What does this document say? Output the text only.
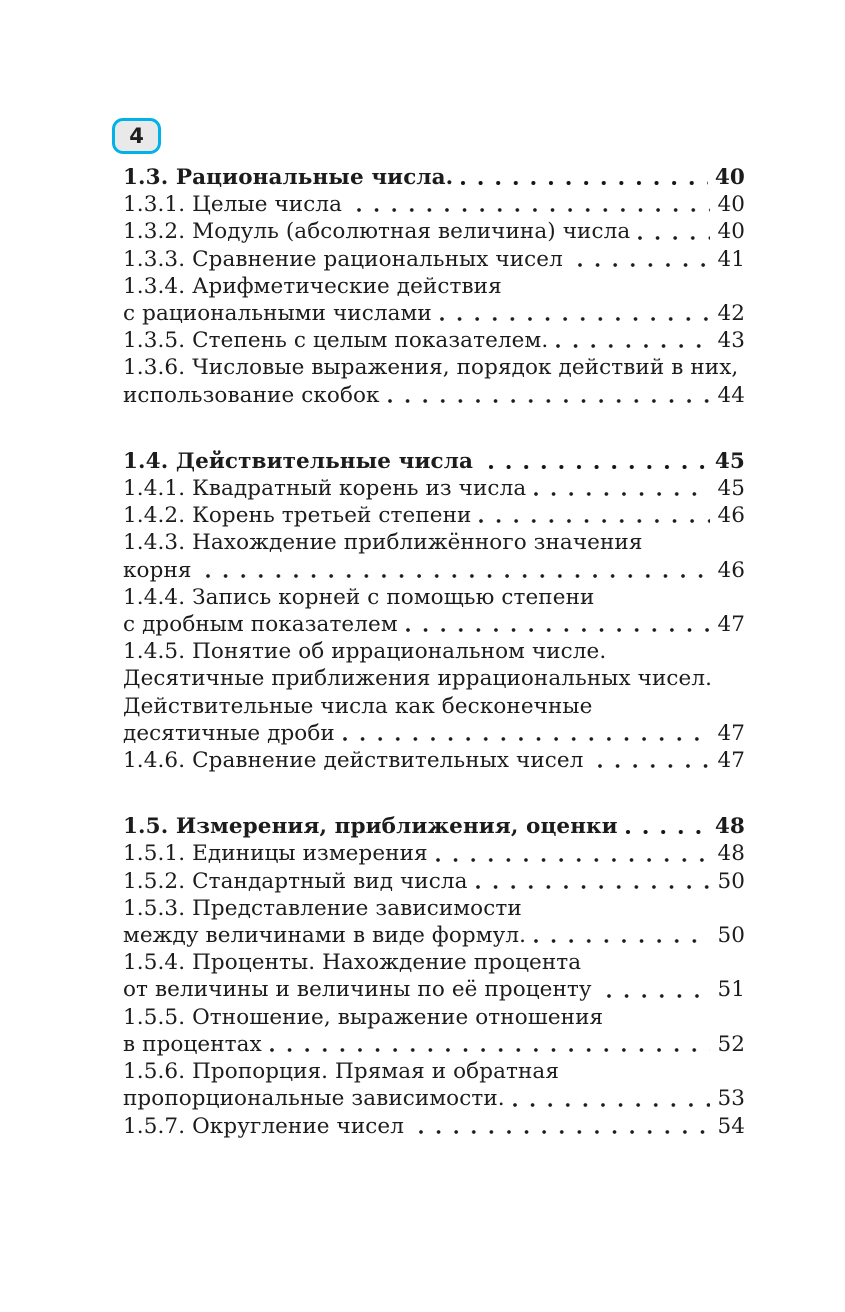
4
1.3. Рациональные числа.	40
1.3.1. Целые числа	40
1.3.2. Модуль (абсолютная величина) числа	40
1.3.3. Сравнение рациональных чисел	41
1.3.4. Арифметические действия
с рациональными числами	42
1.3.5. Степень с целым показателем.	43
1.3.6. Числовые выражения, порядок действий в них,
использование скобок	44
1.4. Действительные числа	45
1.4.1. Квадратный корень из числа	45
1.4.2. Корень третьей степени	46
1.4.3. Нахождение приближённого значения
корня	46
1.4.4. Запись корней с помощью степени
с дробным показателем	47
1.4.5. Понятие об иррациональном числе.
Десятичные приближения иррациональных чисел.
Действительные числа как бесконечные
десятичные дроби	47
1.4.6. Сравнение действительных чисел	47
1.5. Измерения, приближения, оценки	48
1.5.1. Единицы измерения	48
1.5.2. Стандартный вид числа	50
1.5.3. Представление зависимости
между величинами в виде формул.	50
1.5.4. Проценты. Нахождение процента
от величины и величины по её проценту	51
1.5.5. Отношение, выражение отношения
в процентах	52
1.5.6. Пропорция. Прямая и обратная
пропорциональные зависимости.	53
1.5.7. Округление чисел	54
